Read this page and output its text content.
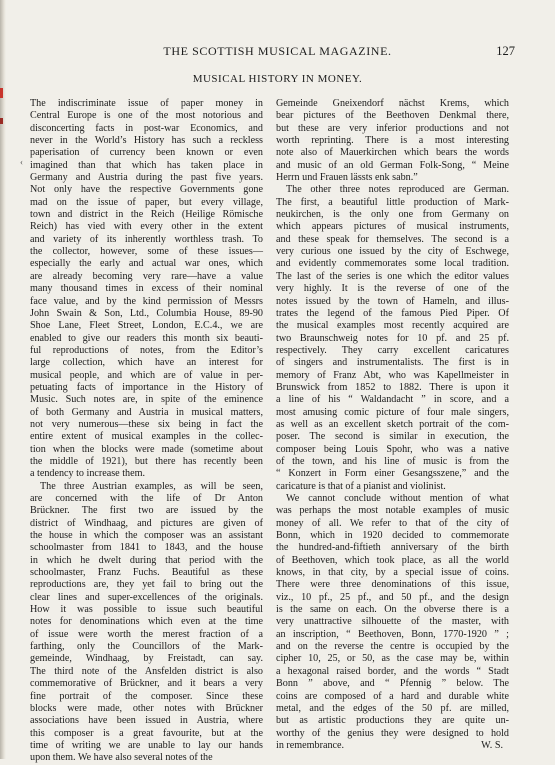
THE SCOTTISH MUSICAL MAGAZINE.	127
MUSICAL HISTORY IN MONEY.
‹
The indiscriminate issue of paper money in
Central Europe is one of the most notorious and
disconcerting facts in post-war Economics, and
never in the World’s History has such a reckless
paperisation of currency been known or even
imagined than that which has taken place in
Germany and Austria during the past five years.
Not only have the respective Governments gone
mad on the issue of paper, but every village,
town and district in the Reich (Heilige Römische
Reich) has vied with every other in the extent
and variety of its inherently worthless trash. To
the collector, however, some of these issues—
especially the early and actual war ones, which
are already becoming very rare—have a value
many thousand times in excess of their nominal
face value, and by the kind permission of Messrs
John Swain & Son, Ltd., Columbia House, 89-90
Shoe Lane, Fleet Street, London, E.C.4., we are
enabled to give our readers this month six beauti-
ful reproductions of notes, from the Editor’s
large collection, which have an interest for
musical people, and which are of value in per-
petuating facts of importance in the History of
Music. Such notes are, in spite of the eminence
of both Germany and Austria in musical matters,
not very numerous—these six being in fact the
entire extent of musical examples in the collec-
tion when the blocks were made (sometime about
the middle of 1921), but there has recently been
a tendency to increase them.
The three Austrian examples, as will be seen,
are concerned with the life of Dr Anton
Brückner. The first two are issued by the
district of Windhaag, and pictures are given of
the house in which the composer was an assistant
schoolmaster from 1841 to 1843, and the house
in which he dwelt during that period with the
schoolmaster, Franz Fuchs. Beautiful as these
reproductions are, they yet fail to bring out the
clear lines and super-excellences of the originals.
How it was possible to issue such beautiful
notes for denominations which even at the time
of issue were worth the merest fraction of a
farthing, only the Councillors of the Mark-
gemeinde, Windhaag, by Freistadt, can say.
The third note of the Ansfelden district is also
commemorative of Brückner, and it bears a very
fine portrait of the composer. Since these
blocks were made, other notes with Brückner
associations have been issued in Austria, where
this composer is a great favourite, but at the
time of writing we are unable to lay our hands
upon them. We have also several notes of the
Gemeinde Gneixendorf nächst Krems, which
bear pictures of the Beethoven Denkmal there,
but these are very inferior productions and not
worth reprinting. There is a most interesting
note also of Mauerkirchen which bears the words
and music of an old German Folk-Song, “ Meine
Herrn und Frauen lässts enk sabn.”
The other three notes reproduced are German.
The first, a beautiful little production of Mark-
neukirchen, is the only one from Germany on
which appears pictures of musical instruments,
and these speak for themselves. The second is a
very curious one issued by the city of Eschwege,
and evidently commemorates some local tradition.
The last of the series is one which the editor values
very highly. It is the reverse of one of the
notes issued by the town of Hameln, and illus-
trates the legend of the famous Pied Piper. Of
the musical examples most recently acquired are
two Braunschweig notes for 10 pf. and 25 pf.
respectively. They carry excellent caricatures
of singers and instrumentalists. The first is in
memory of Franz Abt, who was Kapellmeister in
Brunswick from 1852 to 1882. There is upon it
a line of his “ Waldandacht ” in score, and a
most amusing comic picture of four male singers,
as well as an excellent sketch portrait of the com-
poser. The second is similar in execution, the
composer being Louis Spohr, who was a native
of the town, and his line of music is from the
“ Konzert in Form einer Gesangsszene,” and the
caricature is that of a pianist and violinist.
We cannot conclude without mention of what
was perhaps the most notable examples of music
money of all. We refer to that of the city of
Bonn, which in 1920 decided to commemorate
the hundred-and-fiftieth anniversary of the birth
of Beethoven, which took place, as all the world
knows, in that city, by a special issue of coins.
There were three denominations of this issue,
viz., 10 pf., 25 pf., and 50 pf., and the design
is the same on each. On the obverse there is a
very unattractive silhouette of the master, with
an inscription, “ Beethoven, Bonn, 1770-1920 ” ;
and on the reverse the centre is occupied by the
cipher 10, 25, or 50, as the case may be, within
a hexagonal raised border, and the words “ Stadt
Bonn ” above, and “ Pfennig ” below. The
coins are composed of a hard and durable white
metal, and the edges of the 50 pf. are milled,
but as artistic productions they are quite un-
worthy of the genius they were designed to hold
in remembrance.	W. S.
